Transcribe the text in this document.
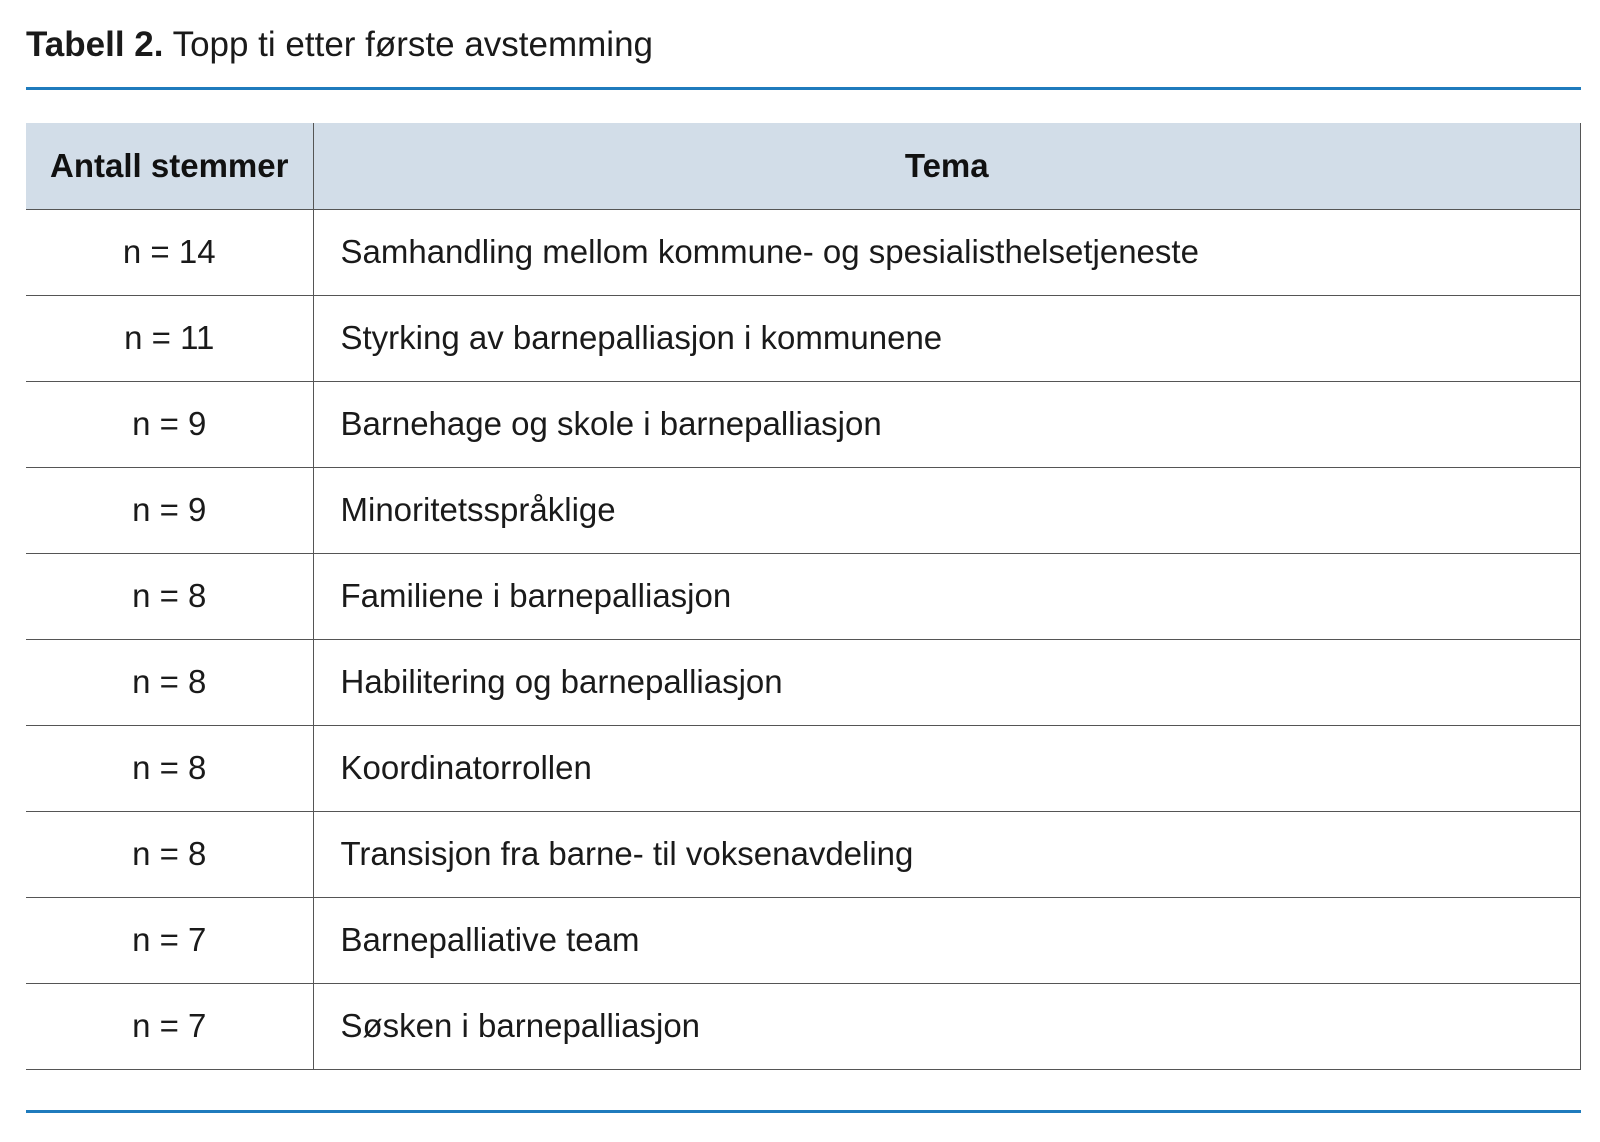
Tabell 2. Topp ti etter første avstemming
Antall stemmer	Tema
n = 14	Samhandling mellom kommune- og spesialisthelsetjeneste
n = 11	Styrking av barnepalliasjon i kommunene
n = 9	Barnehage og skole i barnepalliasjon
n = 9	Minoritetsspråklige
n = 8	Familiene i barnepalliasjon
n = 8	Habilitering og barnepalliasjon
n = 8	Koordinatorrollen
n = 8	Transisjon fra barne- til voksenavdeling
n = 7	Barnepalliative team
n = 7	Søsken i barnepalliasjon
